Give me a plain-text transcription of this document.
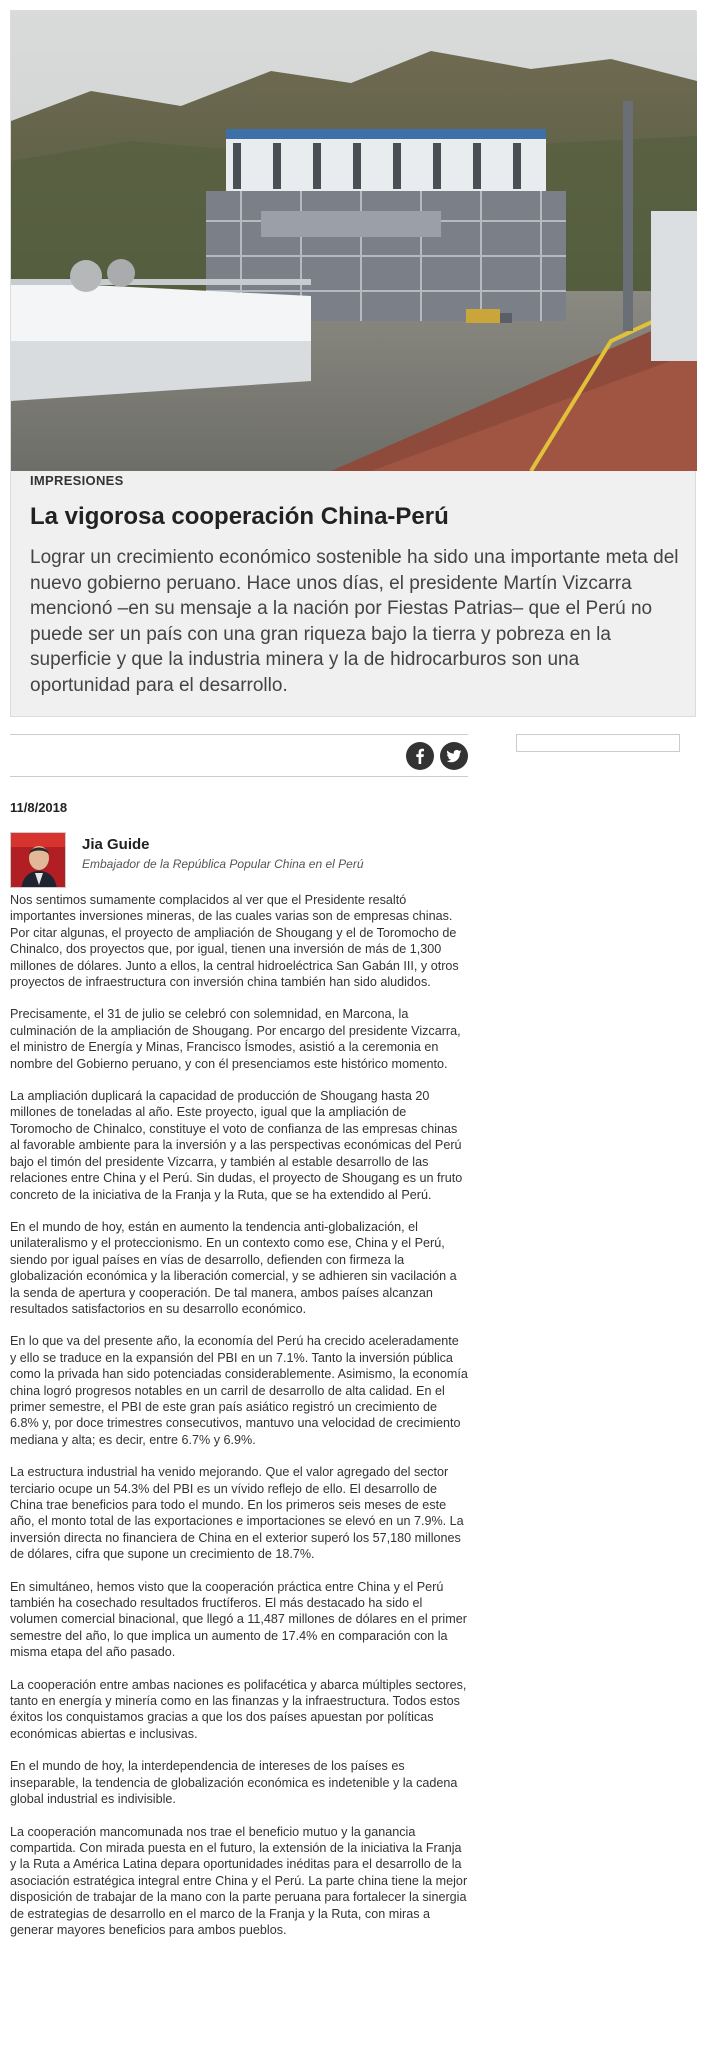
IMPRESIONES
La vigorosa cooperación China-Perú
Lograr un crecimiento económico sostenible ha sido una importante meta del nuevo gobierno peruano. Hace unos días, el presidente Martín Vizcarra mencionó –en su mensaje a la nación por Fiestas Patrias– que el Perú no puede ser un país con una gran riqueza bajo la tierra y pobreza en la superficie y que la industria minera y la de hidrocarburos son una oportunidad para el desarrollo.
11/8/2018
Jia Guide
Embajador de la República Popular China en el Perú

Nos sentimos sumamente complacidos al ver que el Presidente resaltó importantes inversiones mineras, de las cuales varias son de empresas chinas. Por citar algunas, el proyecto de ampliación de Shougang y el de Toromocho de Chinalco, dos proyectos que, por igual, tienen una inversión de más de 1,300 millones de dólares. Junto a ellos, la central hidroeléctrica San Gabán III, y otros proyectos de infraestructura con inversión china también han sido aludidos.

Precisamente, el 31 de julio se celebró con solemnidad, en Marcona, la culminación de la ampliación de Shougang. Por encargo del presidente Vizcarra, el ministro de Energía y Minas, Francisco Ísmodes, asistió a la ceremonia en nombre del Gobierno peruano, y con él presenciamos este histórico momento.

La ampliación duplicará la capacidad de producción de Shougang hasta 20 millones de toneladas al año. Este proyecto, igual que la ampliación de Toromocho de Chinalco, constituye el voto de confianza de las empresas chinas al favorable ambiente para la inversión y a las perspectivas económicas del Perú bajo el timón del presidente Vizcarra, y también al estable desarrollo de las relaciones entre China y el Perú. Sin dudas, el proyecto de Shougang es un fruto concreto de la iniciativa de la Franja y la Ruta, que se ha extendido al Perú.

En el mundo de hoy, están en aumento la tendencia anti-globalización, el unilateralismo y el proteccionismo. En un contexto como ese, China y el Perú, siendo por igual países en vías de desarrollo, defienden con firmeza la globalización económica y la liberación comercial, y se adhieren sin vacilación a la senda de apertura y cooperación. De tal manera, ambos países alcanzan resultados satisfactorios en su desarrollo económico.

En lo que va del presente año, la economía del Perú ha crecido aceleradamente y ello se traduce en la expansión del PBI en un 7.1%. Tanto la inversión pública como la privada han sido potenciadas considerablemente. Asimismo, la economía china logró progresos notables en un carril de desarrollo de alta calidad. En el primer semestre, el PBI de este gran país asiático registró un crecimiento de 6.8% y, por doce trimestres consecutivos, mantuvo una velocidad de crecimiento mediana y alta; es decir, entre 6.7% y 6.9%.

La estructura industrial ha venido mejorando. Que el valor agregado del sector terciario ocupe un 54.3% del PBI es un vívido reflejo de ello. El desarrollo de China trae beneficios para todo el mundo. En los primeros seis meses de este año, el monto total de las exportaciones e importaciones se elevó en un 7.9%. La inversión directa no financiera de China en el exterior superó los 57,180 millones de dólares, cifra que supone un crecimiento de 18.7%.

En simultáneo, hemos visto que la cooperación práctica entre China y el Perú también ha cosechado resultados fructíferos. El más destacado ha sido el volumen comercial binacional, que llegó a 11,487 millones de dólares en el primer semestre del año, lo que implica un aumento de 17.4% en comparación con la misma etapa del año pasado.

La cooperación entre ambas naciones es polifacética y abarca múltiples sectores, tanto en energía y minería como en las finanzas y la infraestructura. Todos estos éxitos los conquistamos gracias a que los dos países apuestan por políticas económicas abiertas e inclusivas.

En el mundo de hoy, la interdependencia de intereses de los países es inseparable, la tendencia de globalización económica es indetenible y la cadena global industrial es indivisible.

La cooperación mancomunada nos trae el beneficio mutuo y la ganancia compartida. Con mirada puesta en el futuro, la extensión de la iniciativa la Franja y la Ruta a América Latina depara oportunidades inéditas para el desarrollo de la asociación estratégica integral entre China y el Perú. La parte china tiene la mejor disposición de trabajar de la mano con la parte peruana para fortalecer la sinergia de estrategias de desarrollo en el marco de la Franja y la Ruta, con miras a generar mayores beneficios para ambos pueblos.
